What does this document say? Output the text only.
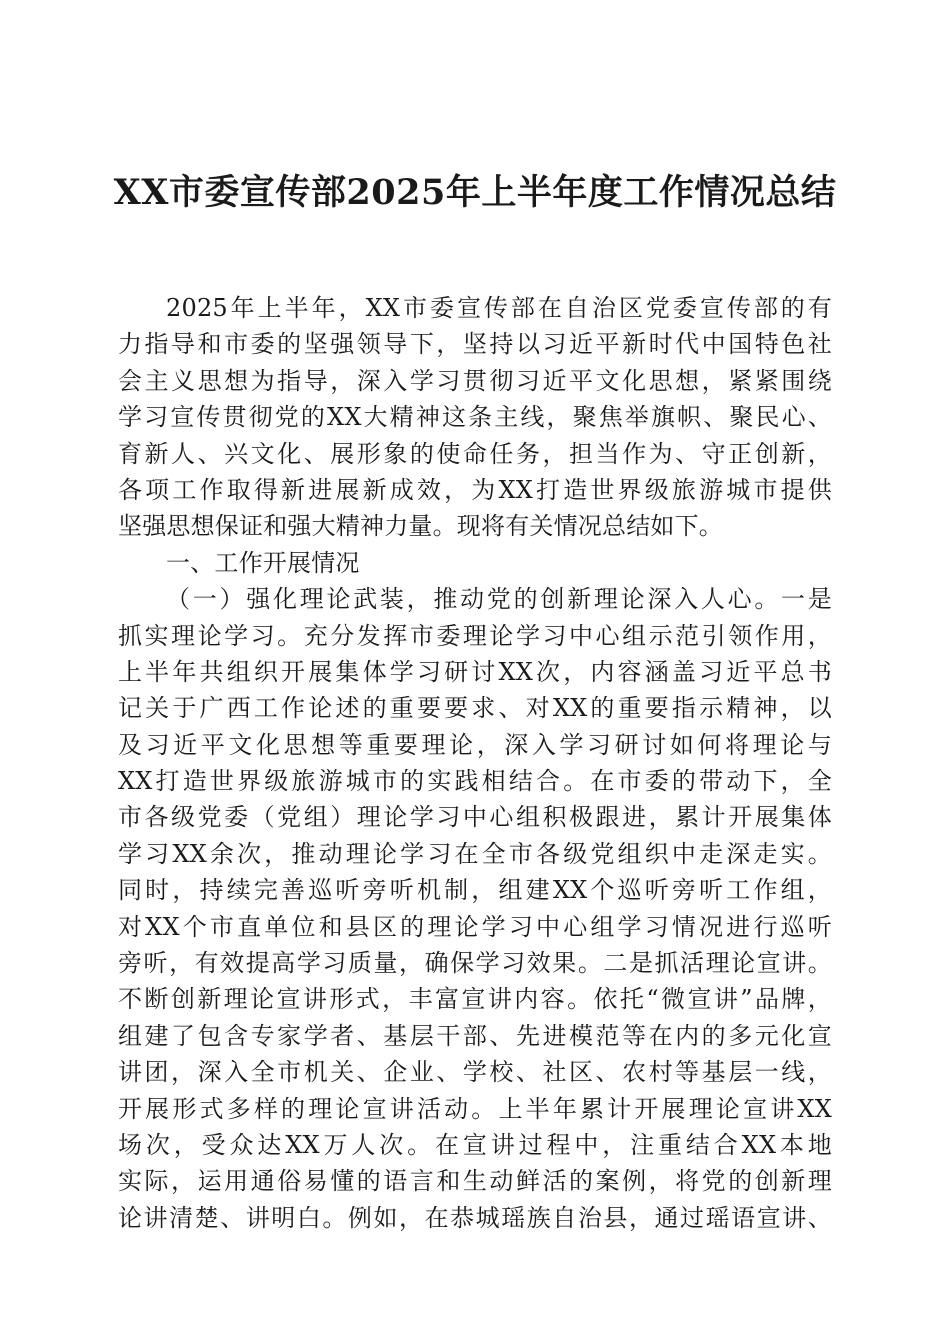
XX市委宣传部2025年上半年度工作情况总结
2025年上半年，XX市委宣传部在自治区党委宣传部的有
力指导和市委的坚强领导下，坚持以习近平新时代中国特色社
会主义思想为指导，深入学习贯彻习近平文化思想，紧紧围绕
学习宣传贯彻党的XX大精神这条主线，聚焦举旗帜、聚民心、
育新人、兴文化、展形象的使命任务，担当作为、守正创新，
各项工作取得新进展新成效，为XX打造世界级旅游城市提供
坚强思想保证和强大精神力量。现将有关情况总结如下。
一、工作开展情况
（一）强化理论武装，推动党的创新理论深入人心。一是
抓实理论学习。充分发挥市委理论学习中心组示范引领作用，
上半年共组织开展集体学习研讨XX次，内容涵盖习近平总书
记关于广西工作论述的重要要求、对XX的重要指示精神，以
及习近平文化思想等重要理论，深入学习研讨如何将理论与
XX打造世界级旅游城市的实践相结合。在市委的带动下，全
市各级党委（党组）理论学习中心组积极跟进，累计开展集体
学习XX余次，推动理论学习在全市各级党组织中走深走实。
同时，持续完善巡听旁听机制，组建XX个巡听旁听工作组，
对XX个市直单位和县区的理论学习中心组学习情况进行巡听
旁听，有效提高学习质量，确保学习效果。二是抓活理论宣讲。
不断创新理论宣讲形式，丰富宣讲内容。依托“微宣讲”品牌，
组建了包含专家学者、基层干部、先进模范等在内的多元化宣
讲团，深入全市机关、企业、学校、社区、农村等基层一线，
开展形式多样的理论宣讲活动。上半年累计开展理论宣讲XX
场次，受众达XX万人次。在宣讲过程中，注重结合XX本地
实际，运用通俗易懂的语言和生动鲜活的案例，将党的创新理
论讲清楚、讲明白。例如，在恭城瑶族自治县，通过瑶语宣讲、
